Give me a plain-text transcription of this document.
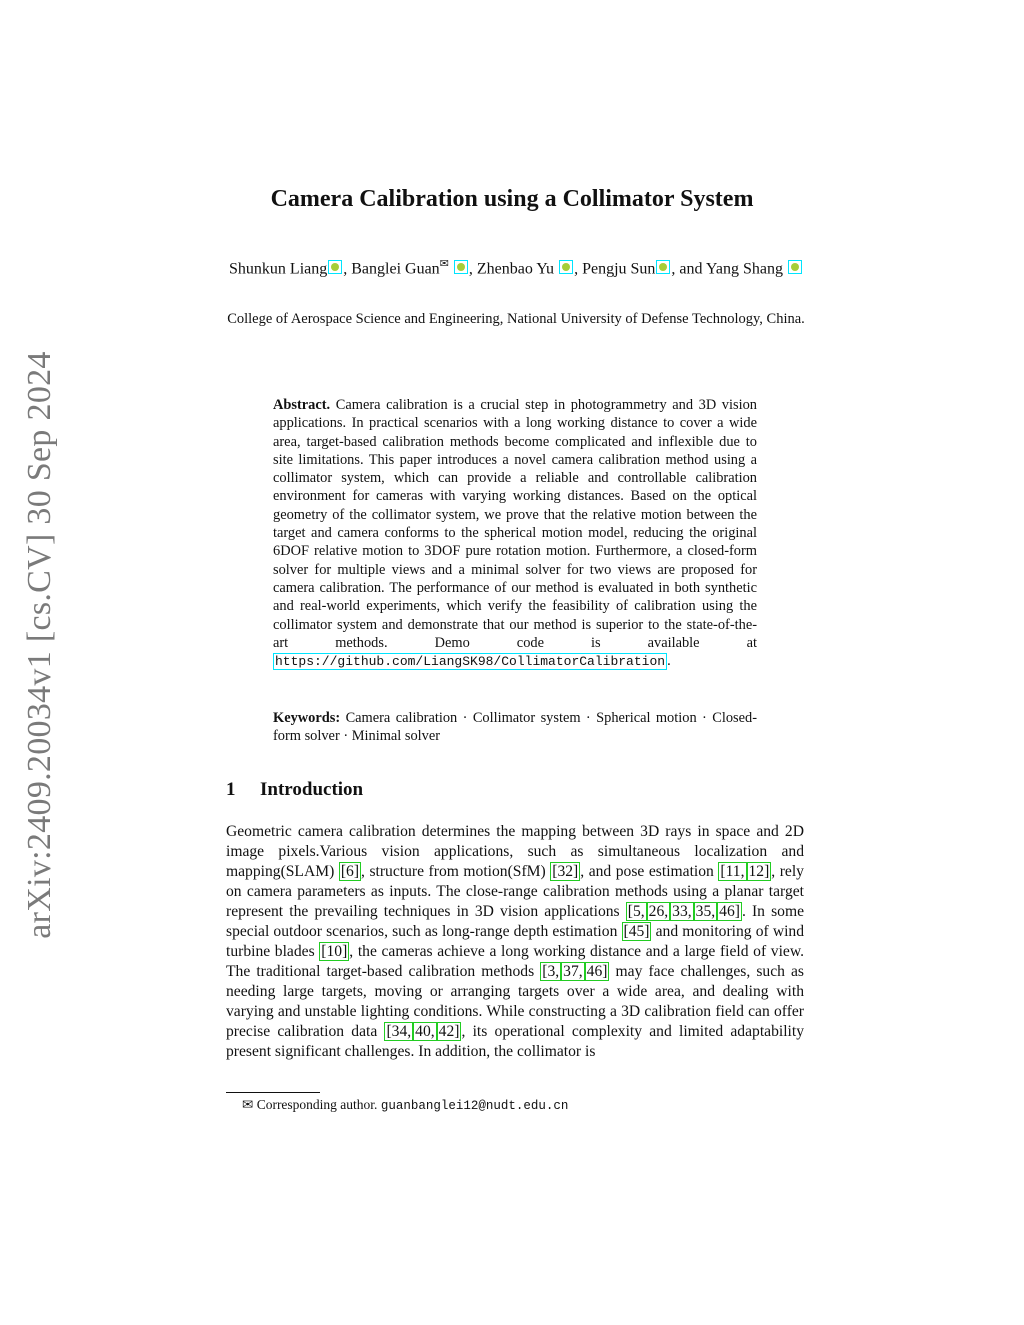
arXiv:2409.20034v1 [cs.CV] 30 Sep 2024
Camera Calibration using a Collimator System
Shunkun Liang , Banglei Guan✉ , Zhenbao Yu , Pengju Sun , and Yang Shang
College of Aerospace Science and Engineering, National University of Defense Technology, China.
Abstract. Camera calibration is a crucial step in photogrammetry and 3D vision applications. In practical scenarios with a long working distance to cover a wide area, target-based calibration methods become complicated and inflexible due to site limitations. This paper introduces a novel camera calibration method using a collimator system, which can provide a reliable and controllable calibration environment for cameras with varying working distances. Based on the optical geometry of the collimator system, we prove that the relative motion between the target and camera conforms to the spherical motion model, reducing the original 6DOF relative motion to 3DOF pure rotation motion. Furthermore, a closed-form solver for multiple views and a minimal solver for two views are proposed for camera calibration. The performance of our method is evaluated in both synthetic and real-world experiments, which verify the feasibility of calibration using the collimator system and demonstrate that our method is superior to the state-of-the-art methods. Demo code is available at https://github.com/LiangSK98/CollimatorCalibration .
Keywords: Camera calibration · Collimator system · Spherical motion · Closed-form solver · Minimal solver
1 Introduction
Geometric camera calibration determines the mapping between 3D rays in space and 2D image pixels.Various vision applications, such as simultaneous localization and mapping(SLAM) [6] , structure from motion(SfM) [32] , and pose estimation [11, 12] , rely on camera parameters as inputs. The close-range calibration methods using a planar target represent the prevailing techniques in 3D vision applications [5, 26, 33, 35, 46] . In some special outdoor scenarios, such as long-range depth estimation [45] and monitoring of wind turbine blades [10] , the cameras achieve a long working distance and a large field of view. The traditional target-based calibration methods [3, 37, 46] may face challenges, such as needing large targets, moving or arranging targets over a wide area, and dealing with varying and unstable lighting conditions. While constructing a 3D calibration field can offer precise calibration data [34, 40, 42] , its operational complexity and limited adaptability present significant challenges. In addition, the collimator is
✉ Corresponding author. guanbanglei12@nudt.edu.cn
